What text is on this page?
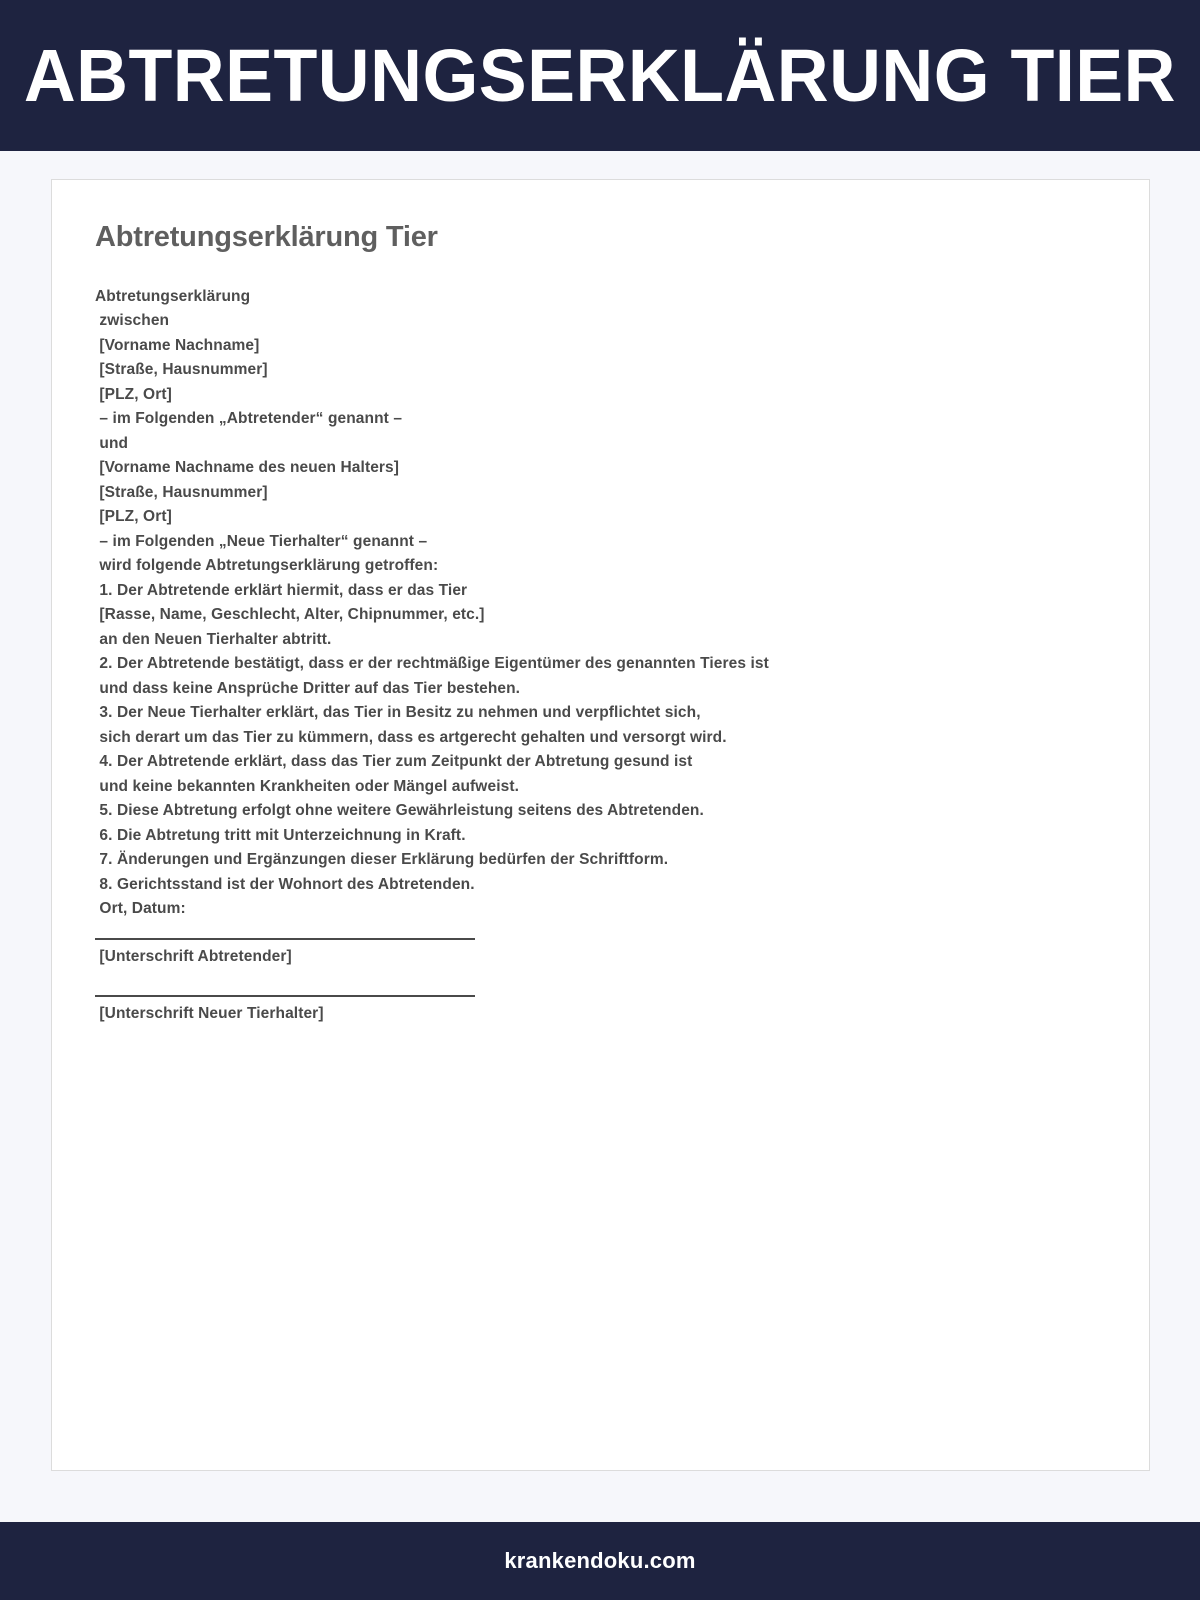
ABTRETUNGSERKLÄRUNG TIER
Abtretungserklärung Tier
Abtretungserklärung
zwischen
[Vorname Nachname]
[Straße, Hausnummer]
[PLZ, Ort]
– im Folgenden „Abtretender“ genannt –
und
[Vorname Nachname des neuen Halters]
[Straße, Hausnummer]
[PLZ, Ort]
– im Folgenden „Neue Tierhalter“ genannt –
wird folgende Abtretungserklärung getroffen:
1. Der Abtretende erklärt hiermit, dass er das Tier
[Rasse, Name, Geschlecht, Alter, Chipnummer, etc.]
an den Neuen Tierhalter abtritt.
2. Der Abtretende bestätigt, dass er der rechtmäßige Eigentümer des genannten Tieres ist
und dass keine Ansprüche Dritter auf das Tier bestehen.
3. Der Neue Tierhalter erklärt, das Tier in Besitz zu nehmen und verpflichtet sich,
sich derart um das Tier zu kümmern, dass es artgerecht gehalten und versorgt wird.
4. Der Abtretende erklärt, dass das Tier zum Zeitpunkt der Abtretung gesund ist
und keine bekannten Krankheiten oder Mängel aufweist.
5. Diese Abtretung erfolgt ohne weitere Gewährleistung seitens des Abtretenden.
6. Die Abtretung tritt mit Unterzeichnung in Kraft.
7. Änderungen und Ergänzungen dieser Erklärung bedürfen der Schriftform.
8. Gerichtsstand ist der Wohnort des Abtretenden.
Ort, Datum:
[Unterschrift Abtretender]
[Unterschrift Neuer Tierhalter]
krankendoku.com
